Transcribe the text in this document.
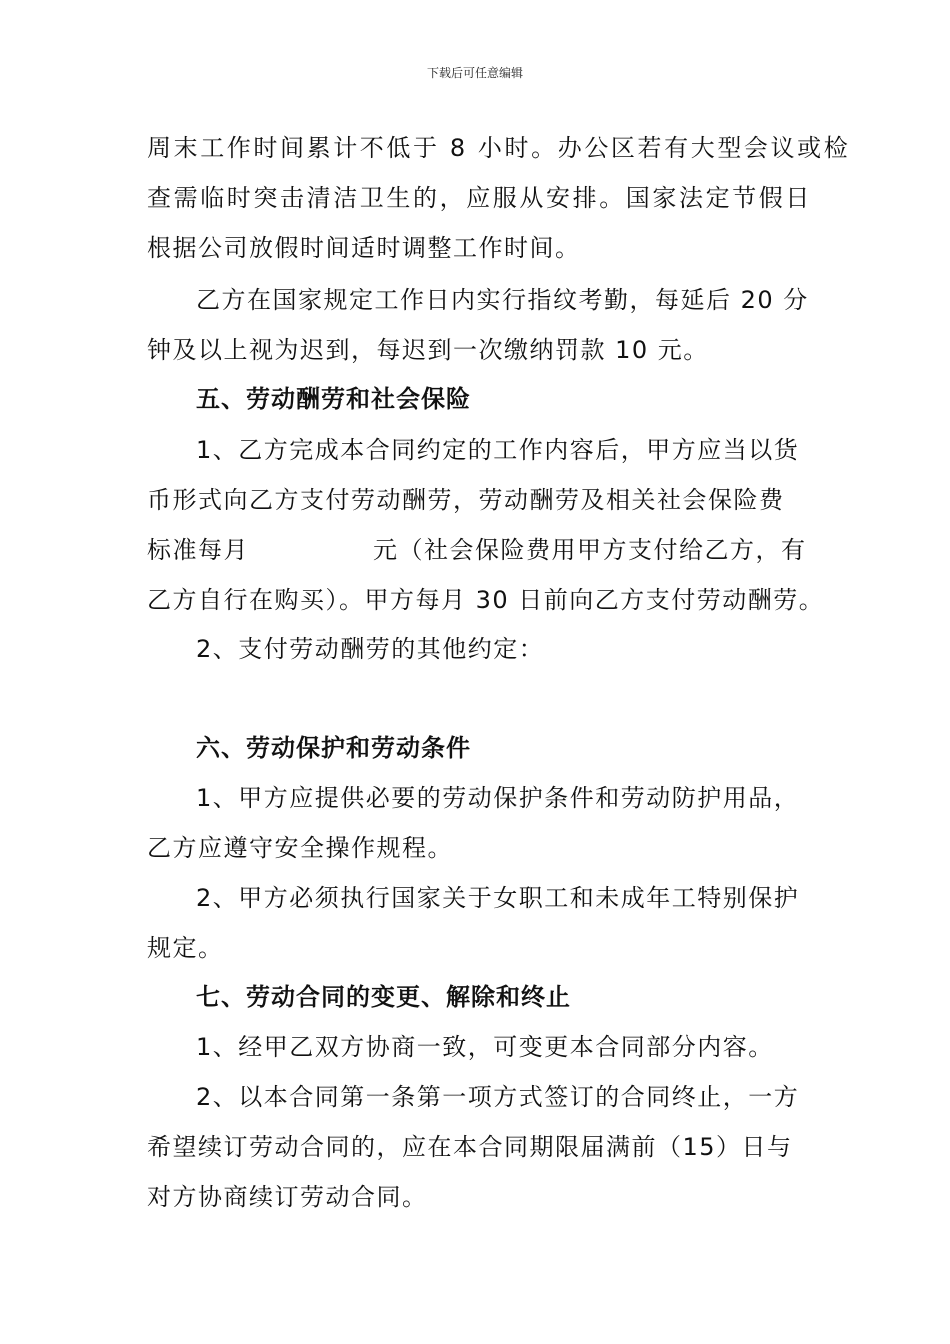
下载后可任意编辑
周末工作时间累计不低于 8 小时。办公区若有大型会议或检
查需临时突击清洁卫生的，应服从安排。国家法定节假日
根据公司放假时间适时调整工作时间。
乙方在国家规定工作日内实行指纹考勤，每延后 20 分
钟及以上视为迟到，每迟到一次缴纳罚款 10 元。
五、劳动酬劳和社会保险
1、乙方完成本合同约定的工作内容后，甲方应当以货
币形式向乙方支付劳动酬劳，劳动酬劳及相关社会保险费
标准每月	元（社会保险费用甲方支付给乙方，有
乙方自行在购买）。甲方每月 30 日前向乙方支付劳动酬劳。
2、支付劳动酬劳的其他约定：
六、劳动保护和劳动条件
1、甲方应提供必要的劳动保护条件和劳动防护用品，
乙方应遵守安全操作规程。
2、甲方必须执行国家关于女职工和未成年工特别保护
规定。
七、劳动合同的变更、解除和终止
1、经甲乙双方协商一致，可变更本合同部分内容。
2、以本合同第一条第一项方式签订的合同终止，一方
希望续订劳动合同的，应在本合同期限届满前（15）日与
对方协商续订劳动合同。
